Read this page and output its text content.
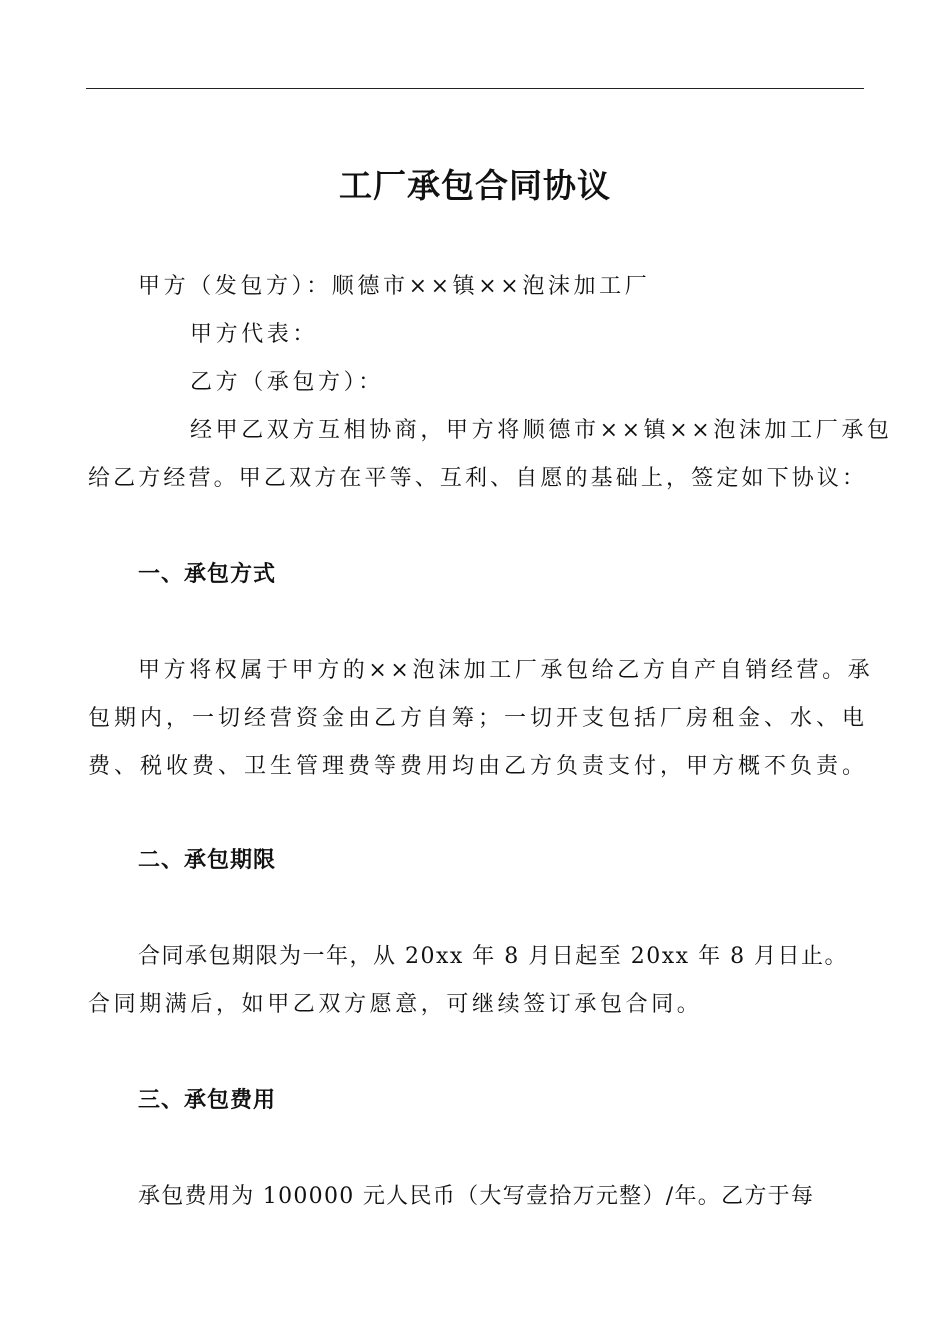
工厂承包合同协议
甲方（发包方）：顺德市××镇××泡沫加工厂
甲方代表：
乙方（承包方）：
经甲乙双方互相协商，甲方将顺德市××镇××泡沫加工厂承包
给乙方经营。甲乙双方在平等、互利、自愿的基础上，签定如下协议：
一、承包方式
甲方将权属于甲方的××泡沫加工厂承包给乙方自产自销经营。承
包期内，一切经营资金由乙方自筹；一切开支包括厂房租金、水、电
费、税收费、卫生管理费等费用均由乙方负责支付，甲方概不负责。
二、承包期限
合同承包期限为一年，从 20xx 年 8 月日起至 20xx 年 8 月日止。
合同期满后，如甲乙双方愿意，可继续签订承包合同。
三、承包费用
承包费用为 100000 元人民币（大写壹拾万元整）/年。乙方于每
